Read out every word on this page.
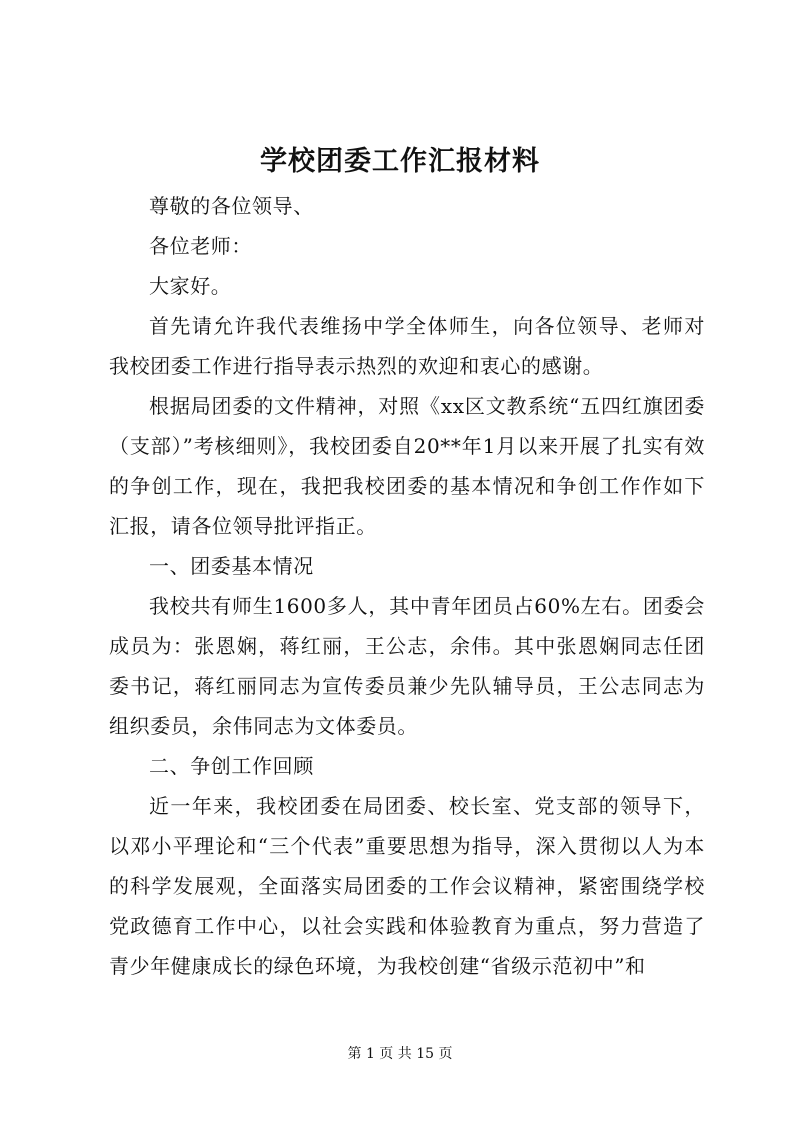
学校团委工作汇报材料

尊敬的各位领导、

各位老师：

大家好。

首先请允许我代表维扬中学全体师生，向各位领导、老师对我校团委工作进行指导表示热烈的欢迎和衷心的感谢。

根据局团委的文件精神，对照《xx区文教系统“五四红旗团委（支部）”考核细则》，我校团委自20**年1月以来开展了扎实有效的争创工作，现在，我把我校团委的基本情况和争创工作作如下汇报，请各位领导批评指正。

一、团委基本情况

我校共有师生1600多人，其中青年团员占60%左右。团委会成员为：张恩娴，蒋红丽，王公志，余伟。其中张恩娴同志任团委书记，蒋红丽同志为宣传委员兼少先队辅导员，王公志同志为组织委员，余伟同志为文体委员。

二、争创工作回顾

近一年来，我校团委在局团委、校长室、党支部的领导下，以邓小平理论和“三个代表”重要思想为指导，深入贯彻以人为本的科学发展观，全面落实局团委的工作会议精神，紧密围绕学校党政德育工作中心，以社会实践和体验教育为重点，努力营造了青少年健康成长的绿色环境，为我校创建“省级示范初中”和

第 1 页 共 15 页
